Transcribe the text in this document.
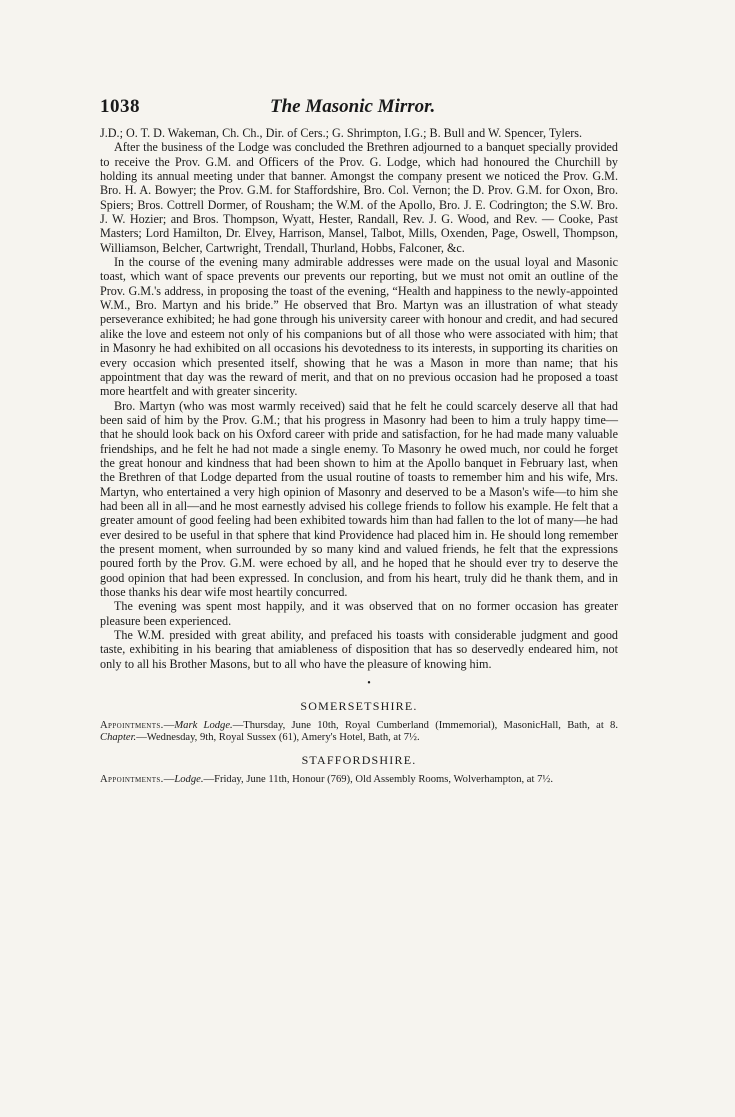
1038	The Masonic Mirror.

J.D.; O. T. D. Wakeman, Ch. Ch., Dir. of Cers.; G. Shrimpton, I.G.; B. Bull and W. Spencer, Tylers.

After the business of the Lodge was concluded the Brethren adjourned to a banquet specially provided to receive the Prov. G.M. and Officers of the Prov. G. Lodge, which had honoured the Churchill by holding its annual meeting under that banner. Amongst the company present we noticed the Prov. G.M. Bro. H. A. Bowyer; the Prov. G.M. for Staffordshire, Bro. Col. Vernon; the D. Prov. G.M. for Oxon, Bro. Spiers; Bros. Cottrell Dormer, of Rousham; the W.M. of the Apollo, Bro. J. E. Codrington; the S.W. Bro. J. W. Hozier; and Bros. Thompson, Wyatt, Hester, Randall, Rev. J. G. Wood, and Rev. — Cooke, Past Masters; Lord Hamilton, Dr. Elvey, Harrison, Mansel, Talbot, Mills, Oxenden, Page, Oswell, Thompson, Williamson, Belcher, Cartwright, Trendall, Thurland, Hobbs, Falconer, &c.

In the course of the evening many admirable addresses were made on the usual loyal and Masonic toast, which want of space prevents our prevents our reporting, but we must not omit an outline of the Prov. G.M.'s address, in proposing the toast of the evening, “Health and happiness to the newly-appointed W.M., Bro. Martyn and his bride.” He observed that Bro. Martyn was an illustration of what steady perseverance exhibited; he had gone through his university career with honour and credit, and had secured alike the love and esteem not only of his companions but of all those who were associated with him; that in Masonry he had exhibited on all occasions his devotedness to its interests, in supporting its charities on every occasion which presented itself, showing that he was a Mason in more than name; that his appointment that day was the reward of merit, and that on no previous occasion had he proposed a toast more heartfelt and with greater sincerity.

Bro. Martyn (who was most warmly received) said that he felt he could scarcely deserve all that had been said of him by the Prov. G.M.; that his progress in Masonry had been to him a truly happy time—that he should look back on his Oxford career with pride and satisfaction, for he had made many valuable friendships, and he felt he had not made a single enemy. To Masonry he owed much, nor could he forget the great honour and kindness that had been shown to him at the Apollo banquet in February last, when the Brethren of that Lodge departed from the usual routine of toasts to remember him and his wife, Mrs. Martyn, who entertained a very high opinion of Masonry and deserved to be a Mason's wife—to him she had been all in all—and he most earnestly advised his college friends to follow his example. He felt that a greater amount of good feeling had been exhibited towards him than had fallen to the lot of many—he had ever desired to be useful in that sphere that kind Providence had placed him in. He should long remember the present moment, when surrounded by so many kind and valued friends, he felt that the expressions poured forth by the Prov. G.M. were echoed by all, and he hoped that he should ever try to deserve the good opinion that had been expressed. In conclusion, and from his heart, truly did he thank them, and in those thanks his dear wife most heartily concurred.

The evening was spent most happily, and it was observed that on no former occasion has greater pleasure been experienced.

The W.M. presided with great ability, and prefaced his toasts with considerable judgment and good taste, exhibiting in his bearing that amiableness of disposition that has so deservedly endeared him, not only to all his Brother Masons, but to all who have the pleasure of knowing him.

•
SOMERSETSHIRE.
Appointments.—Mark Lodge.—Thursday, June 10th, Royal Cumberland (Immemorial), MasonicHall, Bath, at 8. Chapter.—Wednesday, 9th, Royal Sussex (61), Amery's Hotel, Bath, at 7½.
STAFFORDSHIRE.
Appointments.—Lodge.—Friday, June 11th, Honour (769), Old Assembly Rooms, Wolverhampton, at 7½.
